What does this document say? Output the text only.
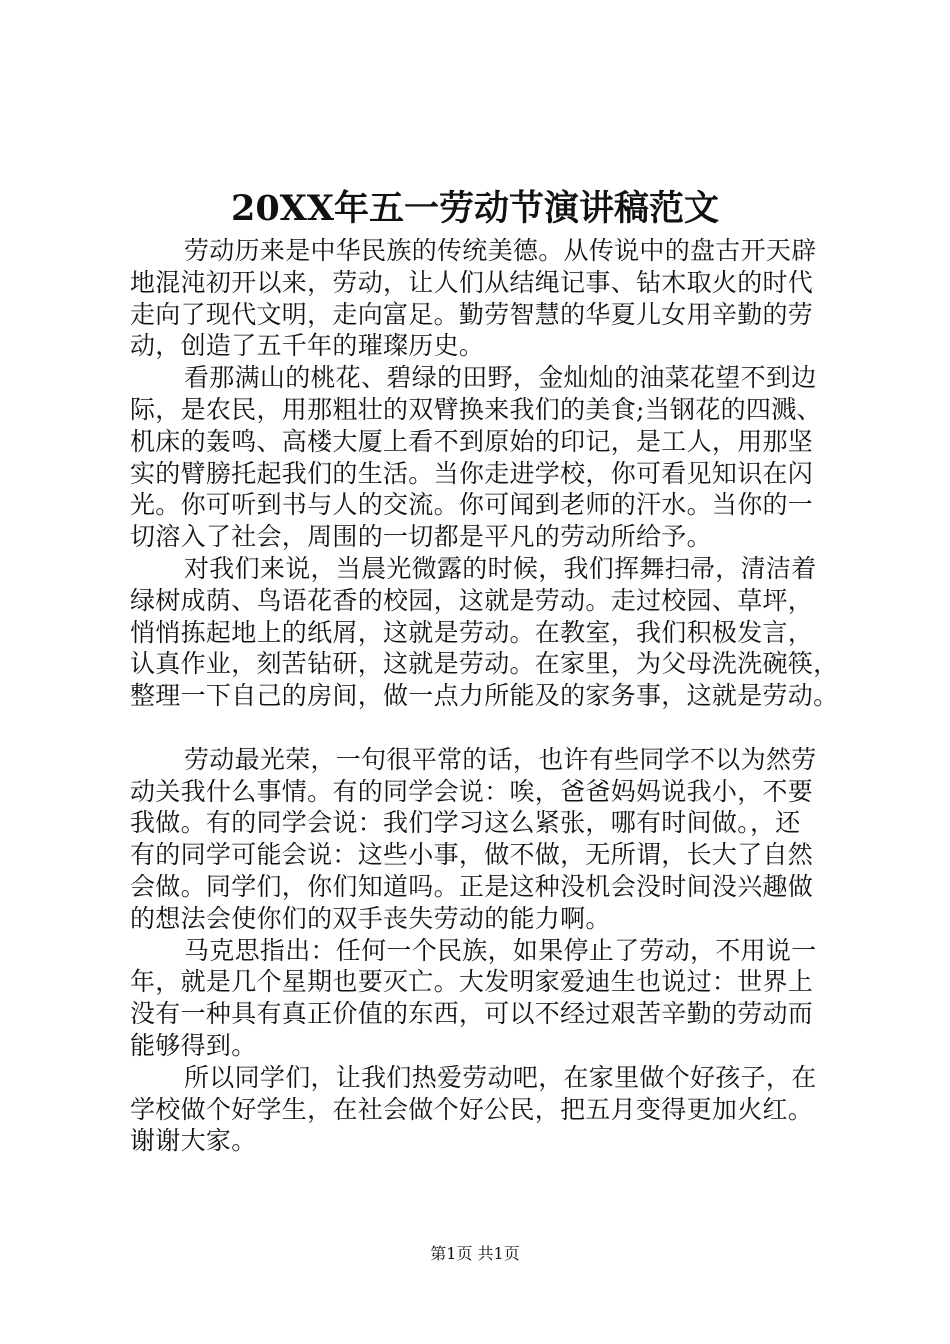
20XX年五一劳动节演讲稿范文
劳动历来是中华民族的传统美德。从传说中的盘古开天辟
地混沌初开以来，劳动，让人们从结绳记事、钻木取火的时代
走向了现代文明，走向富足。勤劳智慧的华夏儿女用辛勤的劳
动，创造了五千年的璀璨历史。
看那满山的桃花、碧绿的田野，金灿灿的油菜花望不到边
际，是农民，用那粗壮的双臂换来我们的美食;当钢花的四溅、
机床的轰鸣、高楼大厦上看不到原始的印记，是工人，用那坚
实的臂膀托起我们的生活。当你走进学校，你可看见知识在闪
光。你可听到书与人的交流。你可闻到老师的汗水。当你的一
切溶入了社会，周围的一切都是平凡的劳动所给予。
对我们来说，当晨光微露的时候，我们挥舞扫帚，清洁着
绿树成荫、鸟语花香的校园，这就是劳动。走过校园、草坪，
悄悄拣起地上的纸屑，这就是劳动。在教室，我们积极发言，
认真作业，刻苦钻研，这就是劳动。在家里，为父母洗洗碗筷，
整理一下自己的房间，做一点力所能及的家务事，这就是劳动。
劳动最光荣，一句很平常的话，也许有些同学不以为然劳
动关我什么事情。有的同学会说：唉，爸爸妈妈说我小，不要
我做。有的同学会说：我们学习这么紧张，哪有时间做。，还
有的同学可能会说：这些小事，做不做，无所谓，长大了自然
会做。同学们，你们知道吗。正是这种没机会没时间没兴趣做
的想法会使你们的双手丧失劳动的能力啊。
马克思指出：任何一个民族，如果停止了劳动，不用说一
年，就是几个星期也要灭亡。大发明家爱迪生也说过：世界上
没有一种具有真正价值的东西，可以不经过艰苦辛勤的劳动而
能够得到。
所以同学们，让我们热爱劳动吧，在家里做个好孩子，在
学校做个好学生，在社会做个好公民，把五月变得更加火红。
谢谢大家。
第1页 共1页
